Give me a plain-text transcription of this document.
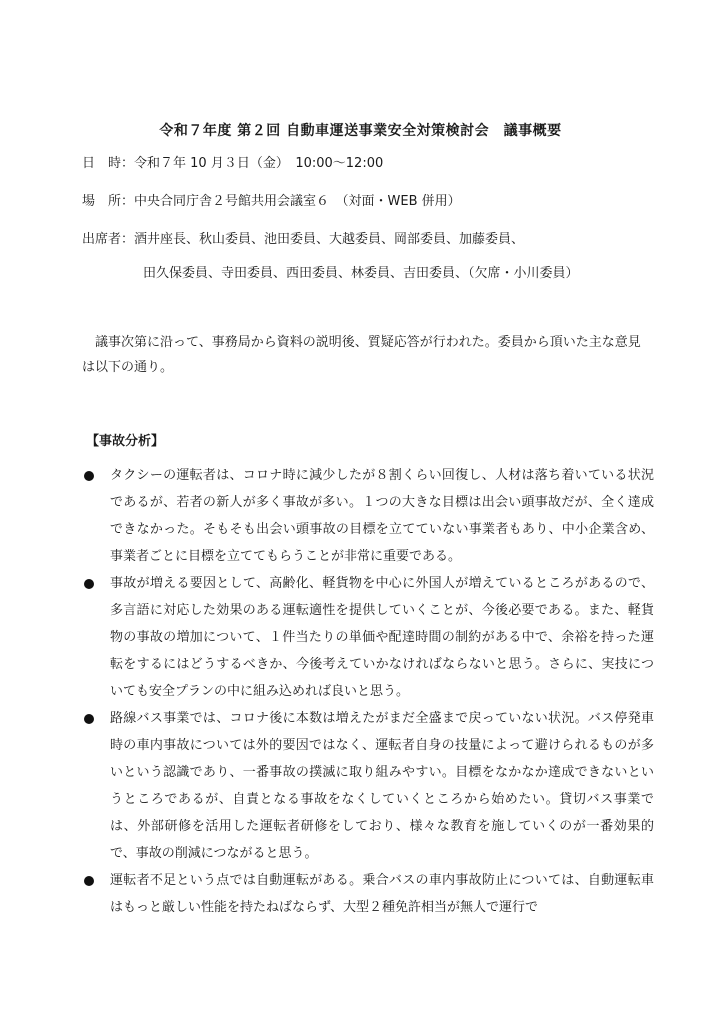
令和７年度 第２回 自動車運送事業安全対策検討会　議事概要
日　時：令和７年 10 月３日（金）　10:00～12:00
場　所：中央合同庁舎２号館共用会議室６　（対面・WEB 併用）
出席者：酒井座長、秋山委員、池田委員、大越委員、岡部委員、加藤委員、
田久保委員、寺田委員、西田委員、林委員、吉田委員、（欠席・小川委員）
議事次第に沿って、事務局から資料の説明後、質疑応答が行われた。委員から頂いた主な意見は以下の通り。
【事故分析】
タクシーの運転者は、コロナ時に減少したが８割くらい回復し、人材は落ち着いている状況であるが、若者の新人が多く事故が多い。１つの大きな目標は出会い頭事故だが、全く達成できなかった。そもそも出会い頭事故の目標を立てていない事業者もあり、中小企業含め、事業者ごとに目標を立ててもらうことが非常に重要である。
事故が増える要因として、高齢化、軽貨物を中心に外国人が増えているところがあるので、多言語に対応した効果のある運転適性を提供していくことが、今後必要である。また、軽貨物の事故の増加について、１件当たりの単価や配達時間の制約がある中で、余裕を持った運転をするにはどうするべきか、今後考えていかなければならないと思う。さらに、実技についても安全プランの中に組み込めれば良いと思う。
路線バス事業では、コロナ後に本数は増えたがまだ全盛まで戻っていない状況。バス停発車時の車内事故については外的要因ではなく、運転者自身の技量によって避けられるものが多いという認識であり、一番事故の撲滅に取り組みやすい。目標をなかなか達成できないというところであるが、自責となる事故をなくしていくところから始めたい。貸切バス事業では、外部研修を活用した運転者研修をしており、様々な教育を施していくのが一番効果的で、事故の削減につながると思う。
運転者不足という点では自動運転がある。乗合バスの車内事故防止については、自動運転車はもっと厳しい性能を持たねばならず、大型２種免許相当が無人で運行で
